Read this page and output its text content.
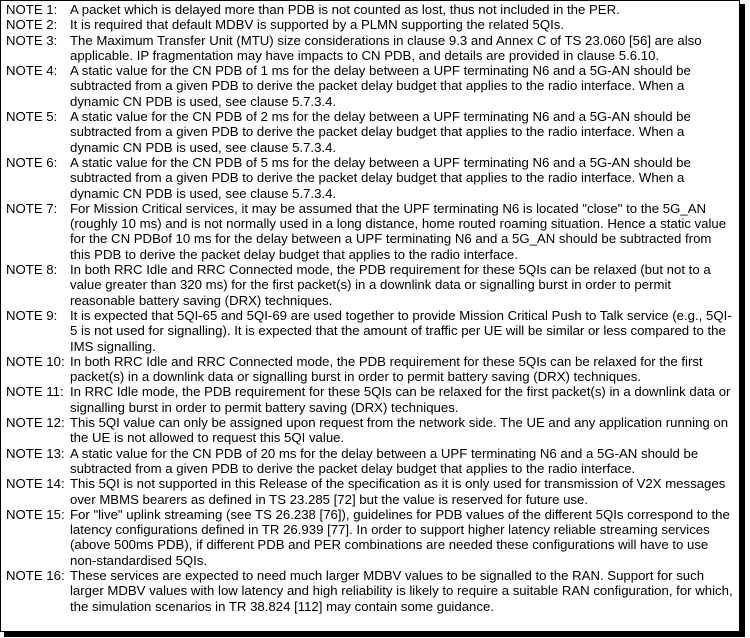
NOTE 1: A packet which is delayed more than PDB is not counted as lost, thus not included in the PER.
NOTE 2: It is required that default MDBV is supported by a PLMN supporting the related 5QIs.
NOTE 3: The Maximum Transfer Unit (MTU) size considerations in clause 9.3 and Annex C of TS 23.060 [56] are also applicable. IP fragmentation may have impacts to CN PDB, and details are provided in clause 5.6.10.
NOTE 4: A static value for the CN PDB of 1 ms for the delay between a UPF terminating N6 and a 5G-AN should be subtracted from a given PDB to derive the packet delay budget that applies to the radio interface. When a dynamic CN PDB is used, see clause 5.7.3.4.
NOTE 5: A static value for the CN PDB of 2 ms for the delay between a UPF terminating N6 and a 5G-AN should be subtracted from a given PDB to derive the packet delay budget that applies to the radio interface. When a dynamic CN PDB is used, see clause 5.7.3.4.
NOTE 6: A static value for the CN PDB of 5 ms for the delay between a UPF terminating N6 and a 5G-AN should be subtracted from a given PDB to derive the packet delay budget that applies to the radio interface. When a dynamic CN PDB is used, see clause 5.7.3.4.
NOTE 7: For Mission Critical services, it may be assumed that the UPF terminating N6 is located "close" to the 5G_AN (roughly 10 ms) and is not normally used in a long distance, home routed roaming situation. Hence a static value for the CN PDBof 10 ms for the delay between a UPF terminating N6 and a 5G_AN should be subtracted from this PDB to derive the packet delay budget that applies to the radio interface.
NOTE 8: In both RRC Idle and RRC Connected mode, the PDB requirement for these 5QIs can be relaxed (but not to a value greater than 320 ms) for the first packet(s) in a downlink data or signalling burst in order to permit reasonable battery saving (DRX) techniques.
NOTE 9: It is expected that 5QI-65 and 5QI-69 are used together to provide Mission Critical Push to Talk service (e.g., 5QI-5 is not used for signalling). It is expected that the amount of traffic per UE will be similar or less compared to the IMS signalling.
NOTE 10: In both RRC Idle and RRC Connected mode, the PDB requirement for these 5QIs can be relaxed for the first packet(s) in a downlink data or signalling burst in order to permit battery saving (DRX) techniques.
NOTE 11: In RRC Idle mode, the PDB requirement for these 5QIs can be relaxed for the first packet(s) in a downlink data or signalling burst in order to permit battery saving (DRX) techniques.
NOTE 12: This 5QI value can only be assigned upon request from the network side. The UE and any application running on the UE is not allowed to request this 5QI value.
NOTE 13: A static value for the CN PDB of 20 ms for the delay between a UPF terminating N6 and a 5G-AN should be subtracted from a given PDB to derive the packet delay budget that applies to the radio interface.
NOTE 14: This 5QI is not supported in this Release of the specification as it is only used for transmission of V2X messages over MBMS bearers as defined in TS 23.285 [72] but the value is reserved for future use.
NOTE 15: For "live" uplink streaming (see TS 26.238 [76]), guidelines for PDB values of the different 5QIs correspond to the latency configurations defined in TR 26.939 [77]. In order to support higher latency reliable streaming services (above 500ms PDB), if different PDB and PER combinations are needed these configurations will have to use non-standardised 5QIs.
NOTE 16: These services are expected to need much larger MDBV values to be signalled to the RAN. Support for such larger MDBV values with low latency and high reliability is likely to require a suitable RAN configuration, for which, the simulation scenarios in TR 38.824 [112] may contain some guidance.
